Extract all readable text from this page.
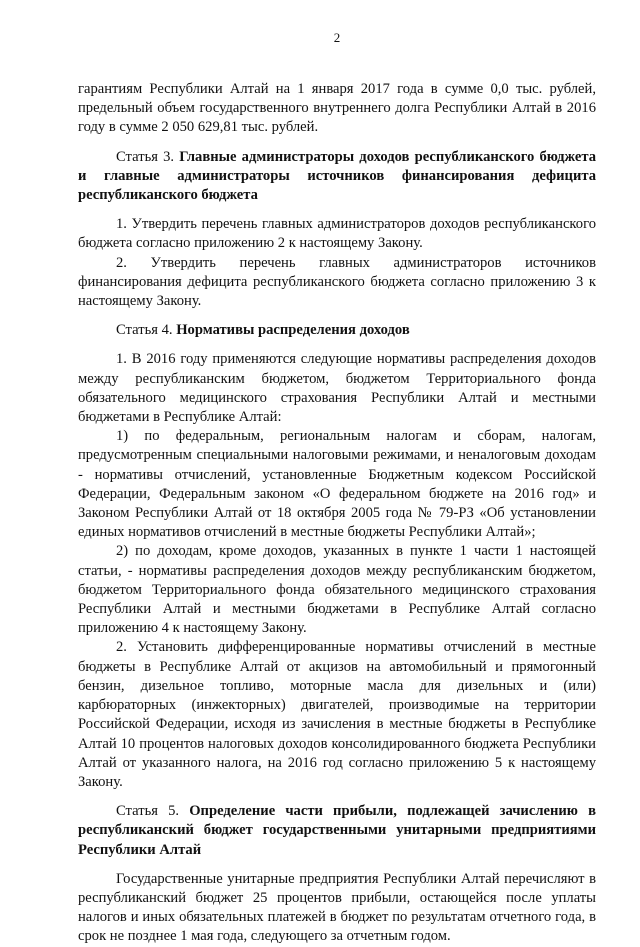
2

гарантиям Республики Алтай на 1 января 2017 года в сумме 0,0 тыс. рублей, предельный объем государственного внутреннего долга Республики Алтай в 2016 году в сумме 2 050 629,81 тыс. рублей.

Статья 3. Главные администраторы доходов республиканского бюджета и главные администраторы источников финансирования дефицита республиканского бюджета

1. Утвердить перечень главных администраторов доходов республиканского бюджета согласно приложению 2 к настоящему Закону.

2. Утвердить перечень главных администраторов источников финансирования дефицита республиканского бюджета согласно приложению 3 к настоящему Закону.

Статья 4. Нормативы распределения доходов

1. В 2016 году применяются следующие нормативы распределения доходов между республиканским бюджетом, бюджетом Территориального фонда обязательного медицинского страхования Республики Алтай и местными бюджетами в Республике Алтай:

1) по федеральным, региональным налогам и сборам, налогам, предусмотренным специальными налоговыми режимами, и неналоговым доходам - нормативы отчислений, установленные Бюджетным кодексом Российской Федерации, Федеральным законом «О федеральном бюджете на 2016 год» и Законом Республики Алтай от 18 октября 2005 года № 79-РЗ «Об установлении единых нормативов отчислений в местные бюджеты Республики Алтай»;

2) по доходам, кроме доходов, указанных в пункте 1 части 1 настоящей статьи, - нормативы распределения доходов между республиканским бюджетом, бюджетом Территориального фонда обязательного медицинского страхования Республики Алтай и местными бюджетами в Республике Алтай согласно приложению 4 к настоящему Закону.

2. Установить дифференцированные нормативы отчислений в местные бюджеты в Республике Алтай от акцизов на автомобильный и прямогонный бензин, дизельное топливо, моторные масла для дизельных и (или) карбюраторных (инжекторных) двигателей, производимые на территории Российской Федерации, исходя из зачисления в местные бюджеты в Республике Алтай 10 процентов налоговых доходов консолидированного бюджета Республики Алтай от указанного налога, на 2016 год согласно приложению 5 к настоящему Закону.

Статья 5. Определение части прибыли, подлежащей зачислению в республиканский бюджет государственными унитарными предприятиями Республики Алтай

Государственные унитарные предприятия Республики Алтай перечисляют в республиканский бюджет 25 процентов прибыли, остающейся после уплаты налогов и иных обязательных платежей в бюджет по результатам отчетного года, в срок не позднее 1 мая года, следующего за отчетным годом.
